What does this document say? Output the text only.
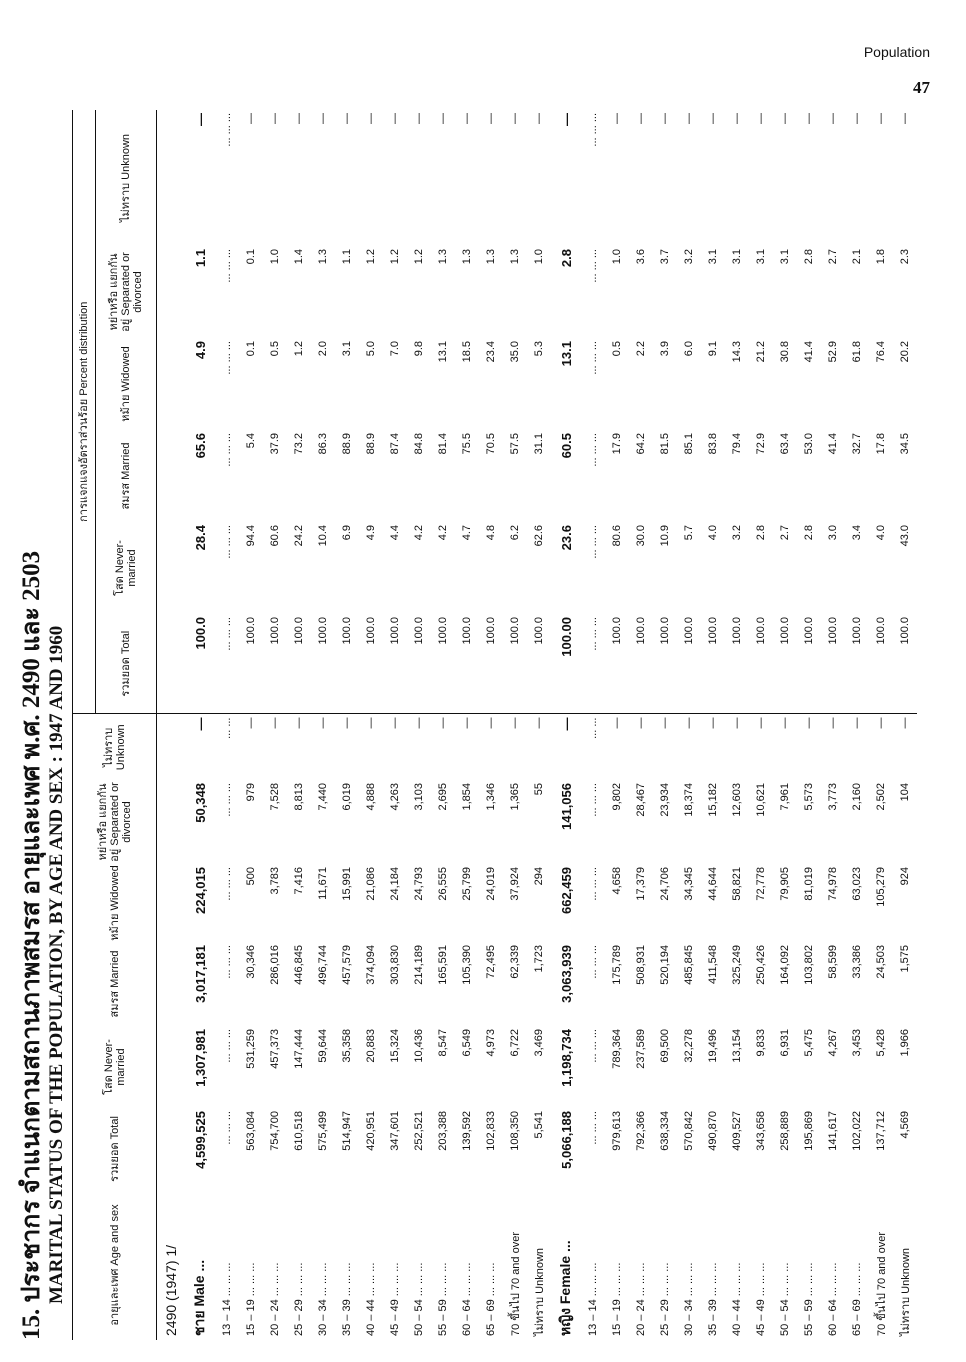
Population
47
15. ประชากร จำแนกตามสถานภาพสมรส อายุและเพศ พ.ศ. 2490 และ 2503 MARITAL STATUS OF THE POPULATION, BY AGE AND SEX : 1947 AND 1960	อายุและเพศ Age and sex	รวมยอด Total	โสด Never-married	สมรส Married	หม้าย Widowed	หย่าหรือ แยกกันอยู่ Separated or divorced	ไม่ทราบ Unknown	การแจกแจงอัตราส่วนร้อย Percent distribution					
							รวมยอด Total	โสด Never-married	สมรส Married	หม้าย Widowed	หย่าหรือ แยกกันอยู่ Separated or divorced	ไม่ทราบ Unknown
2490 (1947) 1/												
ชาย Male ...	4,599,525	1,307,981	3,017,181	224,015	50,348	—	100.0	28.4	65.6	4.9	1.1	—
13 – 14 ... ... ...	... ... ...	... ... ...	... ... ...	... ... ...	... ... ...	... ...	... ... ...	... ... ...	... ... ...	... ... ...	... ... ...	... ... ...
15 – 19 ... ... ...	563,084	531,259	30,346	500	979	—	100.0	94.4	5.4	0.1	0.1	—
20 – 24 ... ... ...	754,700	457,373	286,016	3,783	7,528	—	100.0	60.6	37.9	0.5	1.0	—
25 – 29 ... ... ...	610,518	147,444	446,845	7,416	8,813	—	100.0	24.2	73.2	1.2	1.4	—
30 – 34 ... ... ...	575,499	59,644	496,744	11,671	7,440	—	100.0	10.4	86.3	2.0	1.3	—
35 – 39 ... ... ...	514,947	35,358	457,579	15,991	6,019	—	100.0	6.9	88.9	3.1	1.1	—
40 – 44 ... ... ...	420,951	20,883	374,094	21,086	4,888	—	100.0	4.9	88.9	5.0	1.2	—
45 – 49 ... ... ...	347,601	15,324	303,830	24,184	4,263	—	100.0	4.4	87.4	7.0	1.2	—
50 – 54 ... ... ...	252,521	10,436	214,189	24,793	3,103	—	100.0	4.2	84.8	9.8	1.2	—
55 – 59 ... ... ...	203,388	8,547	165,591	26,555	2,695	—	100.0	4.2	81.4	13.1	1.3	—
60 – 64 ... ... ...	139,592	6,549	105,390	25,799	1,854	—	100.0	4.7	75.5	18.5	1.3	—
65 – 69 ... ... ...	102,833	4,973	72,495	24,019	1,346	—	100.0	4.8	70.5	23.4	1.3	—
70 ขึ้นไป 70 and over	108,350	6,722	62,339	37,924	1,365	—	100.0	6.2	57.5	35.0	1.3	—
ไม่ทราบ Unknown	5,541	3,469	1,723	294	55	—	100.0	62.6	31.1	5.3	1.0	—
หญิง Female ...	5,066,188	1,198,734	3,063,939	662,459	141,056	—	100.00	23.6	60.5	13.1	2.8	—
13 – 14 ... ... ...	... ... ...	... ... ...	... ... ...	... ... ...	... ... ...	... ...	... ... ...	... ... ...	... ... ...	... ... ...	... ... ...	... ... ...
15 – 19 ... ... ...	979,613	789,364	175,789	4,658	9,802	—	100.0	80.6	17.9	0.5	1.0	—
20 – 24 ... ... ...	792,366	237,589	508,931	17,379	28,467	—	100.0	30.0	64.2	2.2	3.6	—
25 – 29 ... ... ...	638,334	69,500	520,194	24,706	23,934	—	100.0	10.9	81.5	3.9	3.7	—
30 – 34 ... ... ...	570,842	32,278	485,845	34,345	18,374	—	100.0	5.7	85.1	6.0	3.2	—
35 – 39 ... ... ...	490,870	19,496	411,548	44,644	15,182	—	100.0	4.0	83.8	9.1	3.1	—
40 – 44 ... ... ...	409,527	13,154	325,249	58,821	12,603	—	100.0	3.2	79.4	14.3	3.1	—
45 – 49 ... ... ...	343,658	9,833	250,426	72,778	10,621	—	100.0	2.8	72.9	21.2	3.1	—
50 – 54 ... ... ...	258,889	6,931	164,092	79,905	7,961	—	100.0	2.7	63.4	30.8	3.1	—
55 – 59 ... ... ...	195,869	5,475	103,802	81,019	5,573	—	100.0	2.8	53.0	41.4	2.8	—
60 – 64 ... ... ...	141,617	4,267	58,599	74,978	3,773	—	100.0	3.0	41.4	52.9	2.7	—
65 – 69 ... ... ...	102,022	3,453	33,386	63,023	2,160	—	100.0	3.4	32.7	61.8	2.1	—
70 ขึ้นไป 70 and over	137,712	5,428	24,503	105,279	2,502	—	100.0	4.0	17.8	76.4	1.8	—
ไม่ทราบ Unknown	4,569	1,966	1,575	924	104	—	100.0	43.0	34.5	20.2	2.3	—
